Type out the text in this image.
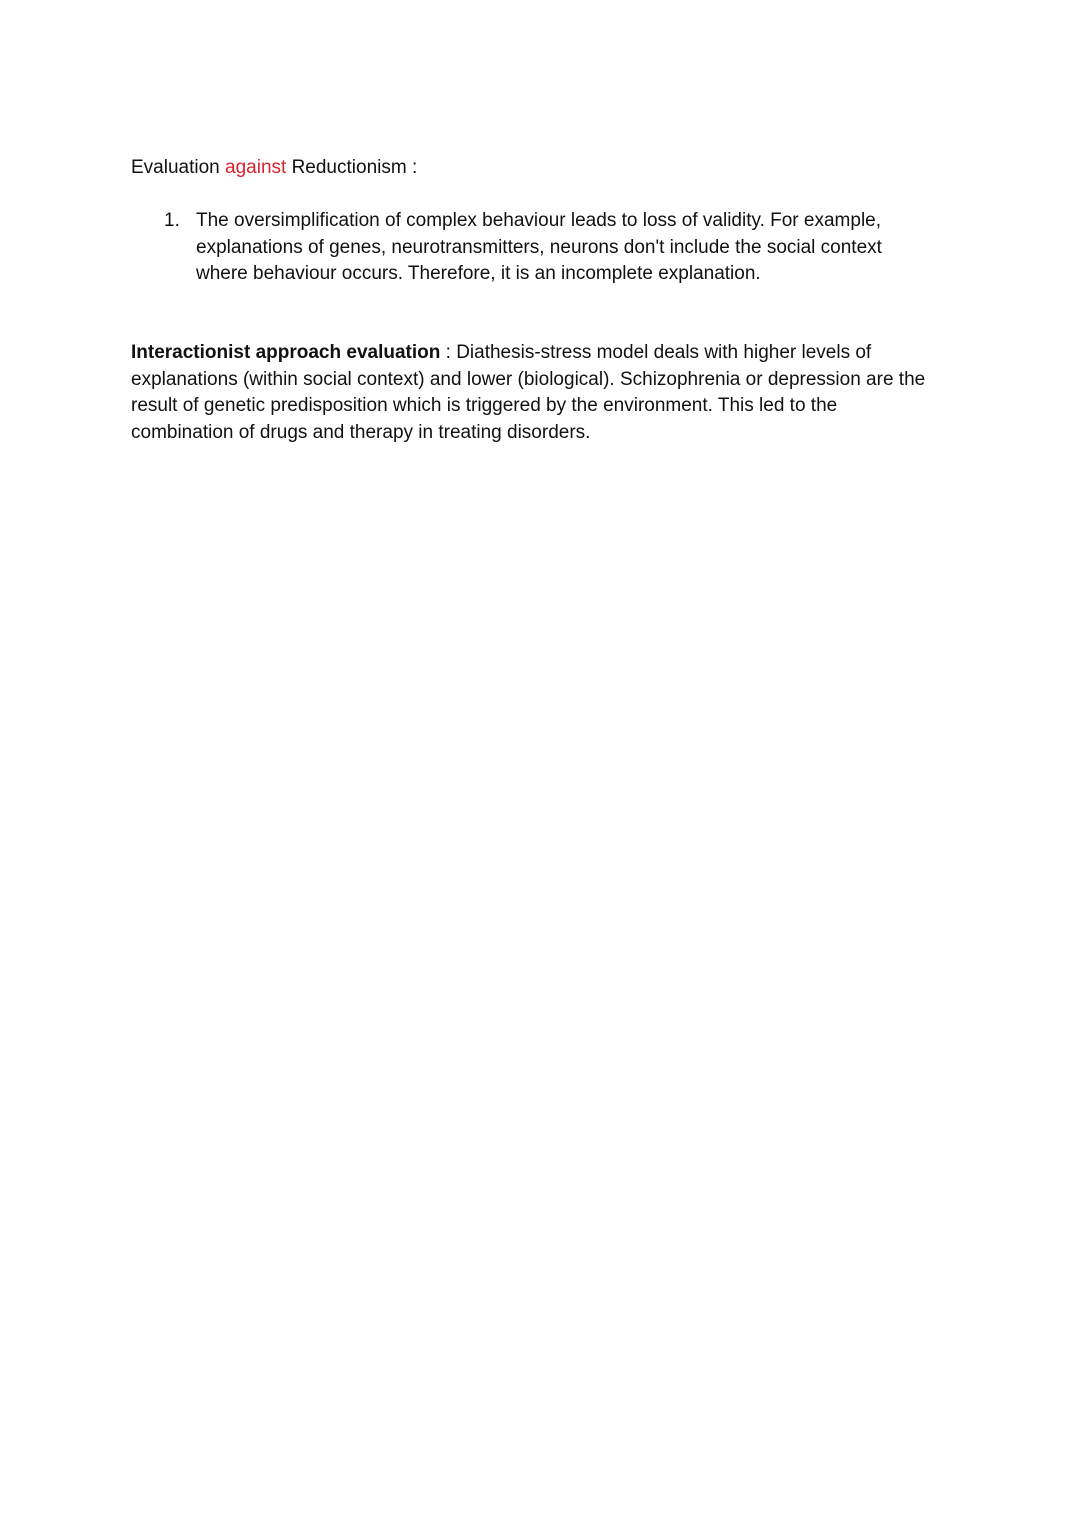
Evaluation against Reductionism :
1. The oversimplification of complex behaviour leads to loss of validity. For example, explanations of genes, neurotransmitters, neurons don't include the social context where behaviour occurs. Therefore, it is an incomplete explanation.
Interactionist approach evaluation : Diathesis-stress model deals with higher levels of explanations (within social context) and lower (biological). Schizophrenia or depression are the result of genetic predisposition which is triggered by the environment. This led to the combination of drugs and therapy in treating disorders.
